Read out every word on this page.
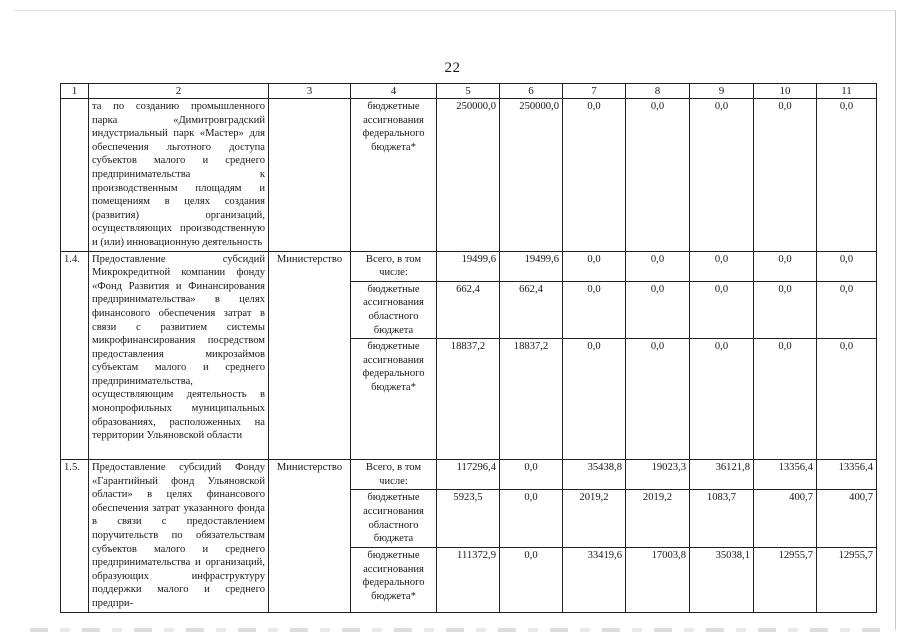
22
1	2	3	4	5	6	7	8	9	10	11
	та по созданию промышленного парка «Димитровградский индустриальный парк «Мастер» для обеспечения льготного доступа субъектов малого и среднего предпринимательства к производственным площадям и помещениям в целях создания (развития) организаций, осуществляющих производственную и (или) инновационную деятельность		бюджетные ассигнования федерального бюджета*	250000,0	250000,0	0,0	0,0	0,0	0,0	0,0
1.4.	Предоставление субсидий Микрокредитной компании фонду «Фонд Развития и Финансирования предпринимательства» в целях финансового обеспечения затрат в связи с развитием системы микрофинансирования посредством предоставления микрозаймов субъектам малого и среднего предпринимательства, осуществляющим деятельность в монопрофильных муниципальных образованиях, расположенных на территории Ульяновской области	Министерство	Всего, в том числе:	19499,6	19499,6	0,0	0,0	0,0	0,0	0,0
			бюджетные ассигнования областного бюджета	662,4	662,4	0,0	0,0	0,0	0,0	0,0
			бюджетные ассигнования федерального бюджета*	18837,2	18837,2	0,0	0,0	0,0	0,0	0,0
1.5.	Предоставление субсидий Фонду «Гарантийный фонд Ульяновской области» в целях финансового обеспечения затрат указанного фонда в связи с предоставлением поручительств по обязательствам субъектов малого и среднего предпринимательства и организаций, образующих инфраструктуру поддержки малого и среднего предпри-	Министерство	Всего, в том числе:	117296,4	0,0	35438,8	19023,3	36121,8	13356,4	13356,4
			бюджетные ассигнования областного бюджета	5923,5	0,0	2019,2	2019,2	1083,7	400,7	400,7
			бюджетные ассигнования федерального бюджета*	111372,9	0,0	33419,6	17003,8	35038,1	12955,7	12955,7
